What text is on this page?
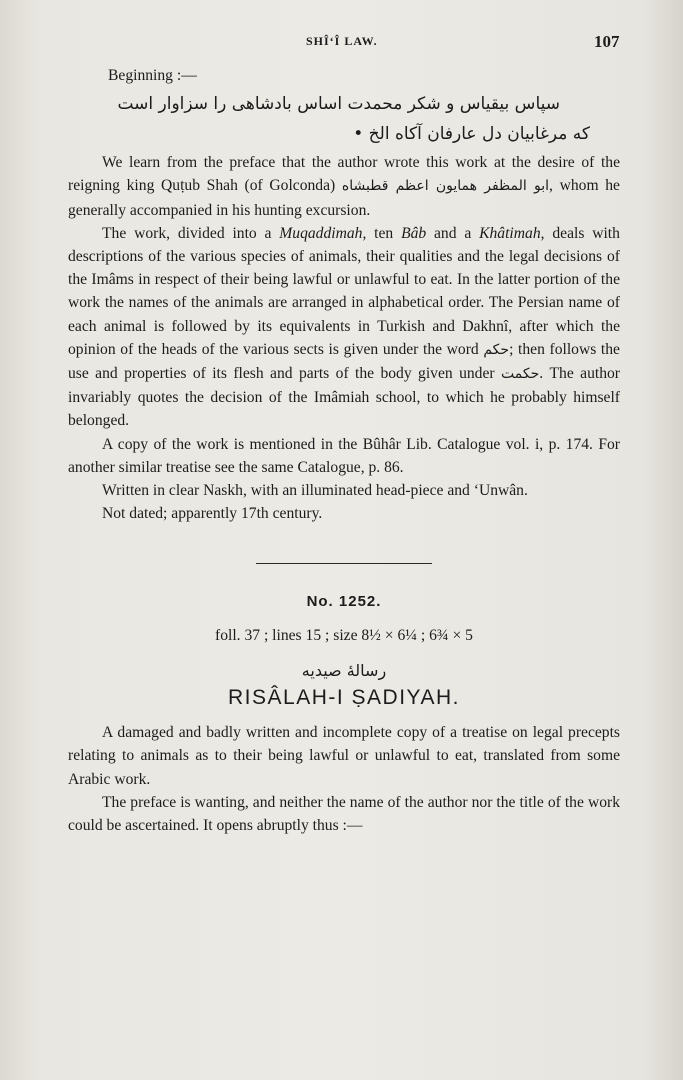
SHÎ‘Î LAW.	107
Beginning :—
سپاس بیقیاس و شکر محمدت اساس بادشاهی را سزاوار است
که مرغابیان دل عارفان آکاه الخ •

We learn from the preface that the author wrote this work at the desire of the reigning king Quṭub Shah (of Golconda) ابو المظفر همایون اعظم قطبشاه, whom he generally accompanied in his hunting excursion.

The work, divided into a Muqaddimah, ten Bâb and a Khâtimah, deals with descriptions of the various species of animals, their qualities and the legal decisions of the Imâms in respect of their being lawful or unlawful to eat. In the latter portion of the work the names of the animals are arranged in alphabetical order. The Persian name of each animal is followed by its equivalents in Turkish and Dakhnî, after which the opinion of the heads of the various sects is given under the word حکم; then follows the use and properties of its flesh and parts of the body given under حکمت. The author invariably quotes the decision of the Imâmiah school, to which he probably himself belonged.

A copy of the work is mentioned in the Bûhâr Lib. Catalogue vol. i, p. 174. For another similar treatise see the same Catalogue, p. 86.

Written in clear Naskh, with an illuminated head-piece and ‘Unwân.

Not dated; apparently 17th century.

No. 1252.
foll. 37 ; lines 15 ; size 8½ × 6¼ ; 6¾ × 5
رسالۀ صیدیه
RISÂLAH-I ṢADIYAH.

A damaged and badly written and incomplete copy of a treatise on legal precepts relating to animals as to their being lawful or unlawful to eat, translated from some Arabic work.

The preface is wanting, and neither the name of the author nor the title of the work could be ascertained. It opens abruptly thus :—
